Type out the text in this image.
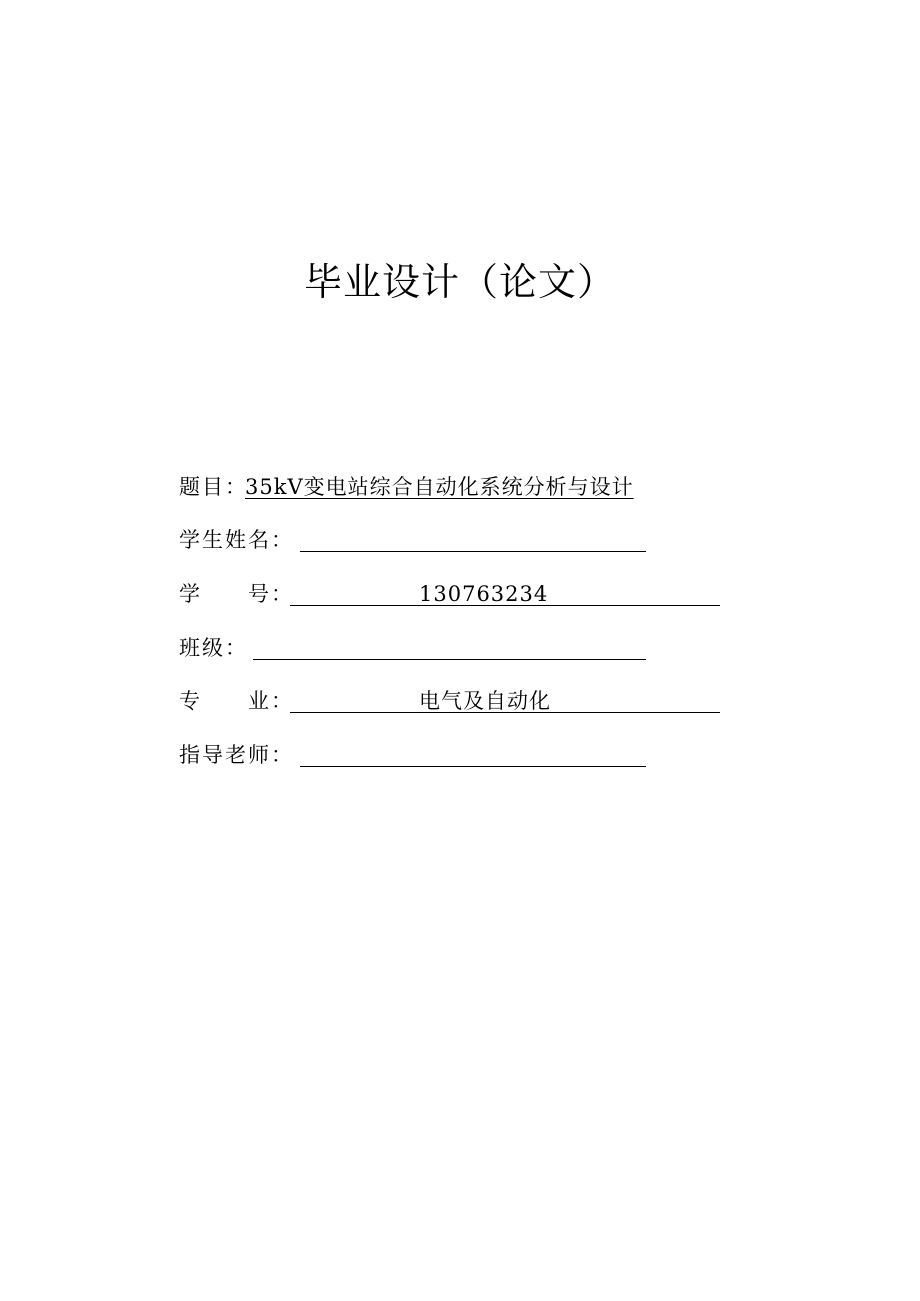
毕业设计（论文）
题目：
35kV变电站综合自动化系统分析与设计
学生姓名：
学　　号：	130763234
班级：
专　　业：	电气及自动化
指导老师：
